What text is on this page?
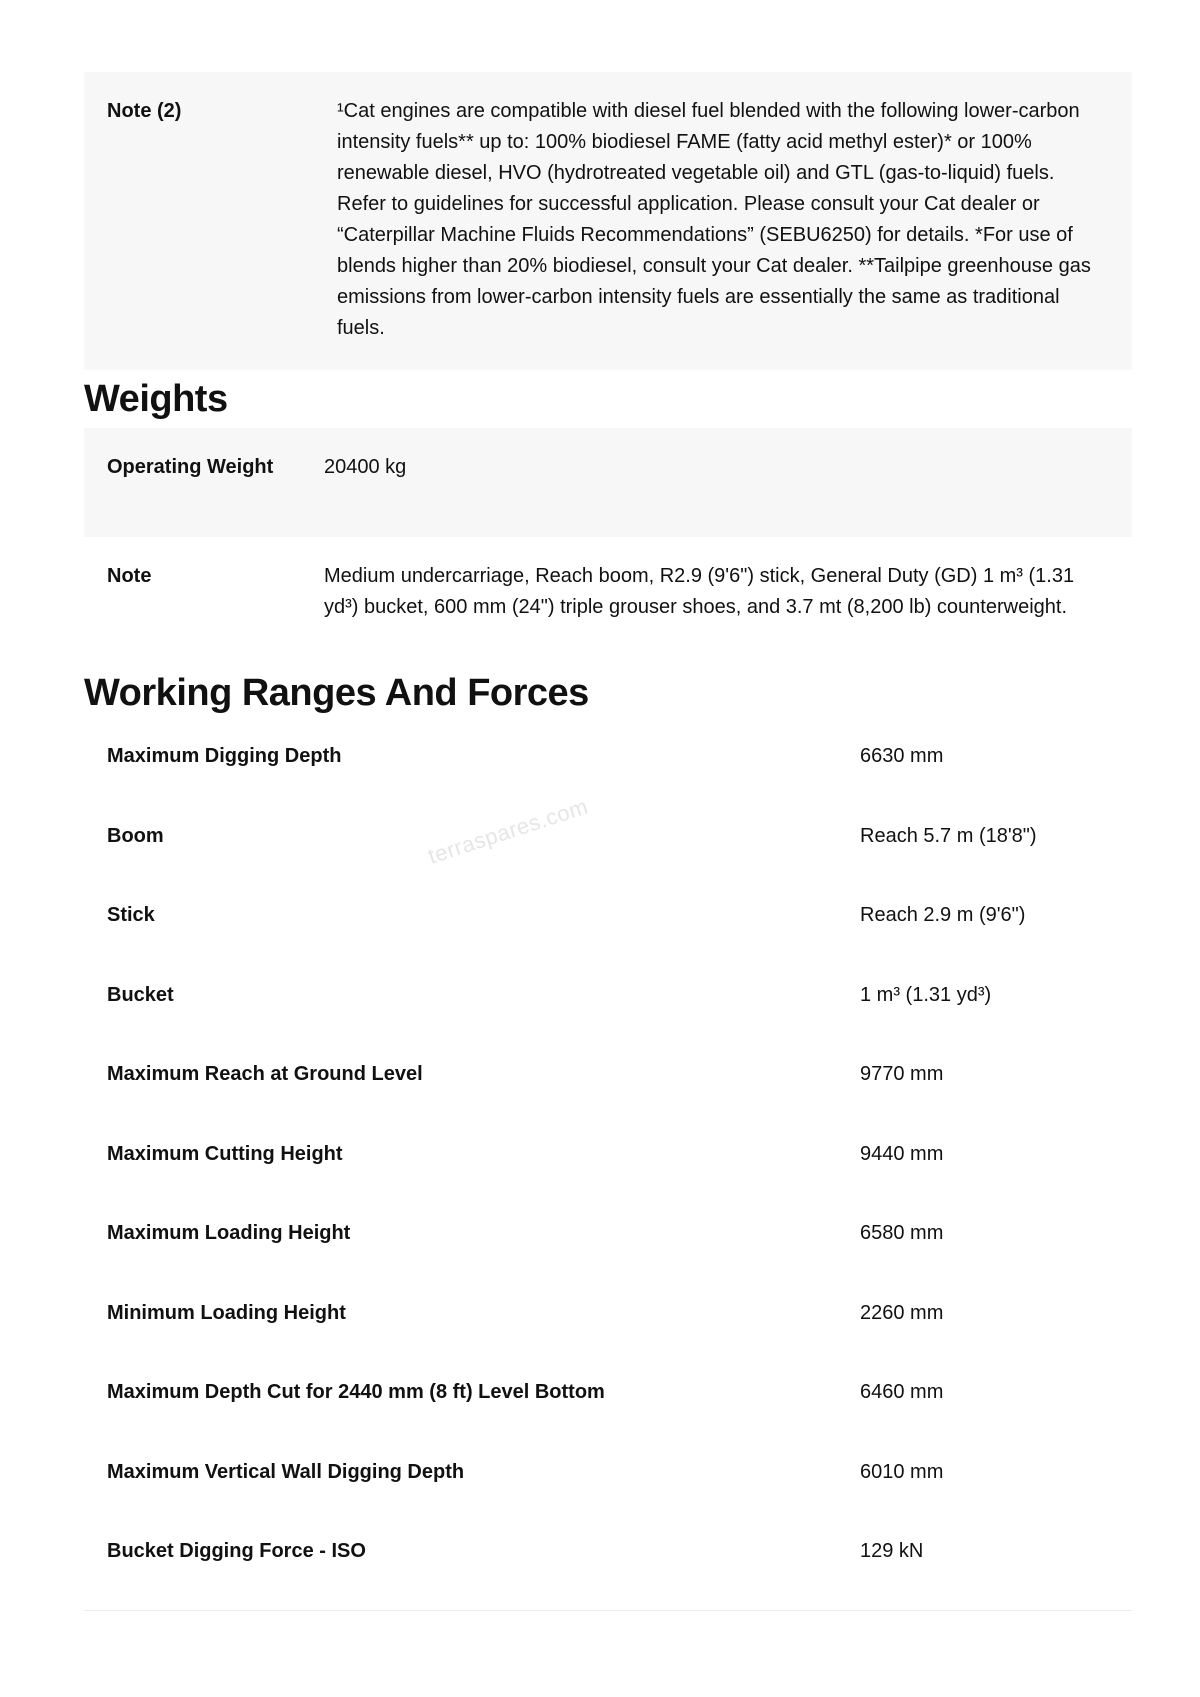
Note (2)	¹Cat engines are compatible with diesel fuel blended with the following lower-carbon intensity fuels** up to: 100% biodiesel FAME (fatty acid methyl ester)* or 100% renewable diesel, HVO (hydrotreated vegetable oil) and GTL (gas-to-liquid) fuels. Refer to guidelines for successful application. Please consult your Cat dealer or “Caterpillar Machine Fluids Recommendations” (SEBU6250) for details. *For use of blends higher than 20% biodiesel, consult your Cat dealer. **Tailpipe greenhouse gas emissions from lower-carbon intensity fuels are essentially the same as traditional fuels.
Weights
Operating Weight	20400 kg
Note	Medium undercarriage, Reach boom, R2.9 (9'6") stick, General Duty (GD) 1 m³ (1.31 yd³) bucket, 600 mm (24") triple grouser shoes, and 3.7 mt (8,200 lb) counterweight.
Working Ranges And Forces
Maximum Digging Depth	6630 mm
Boom	Reach 5.7 m (18'8")
Stick	Reach 2.9 m (9'6")
Bucket	1 m³ (1.31 yd³)
Maximum Reach at Ground Level	9770 mm
Maximum Cutting Height	9440 mm
Maximum Loading Height	6580 mm
Minimum Loading Height	2260 mm
Maximum Depth Cut for 2440 mm (8 ft) Level Bottom	6460 mm
Maximum Vertical Wall Digging Depth	6010 mm
Bucket Digging Force - ISO	129 kN
terraspares.com
